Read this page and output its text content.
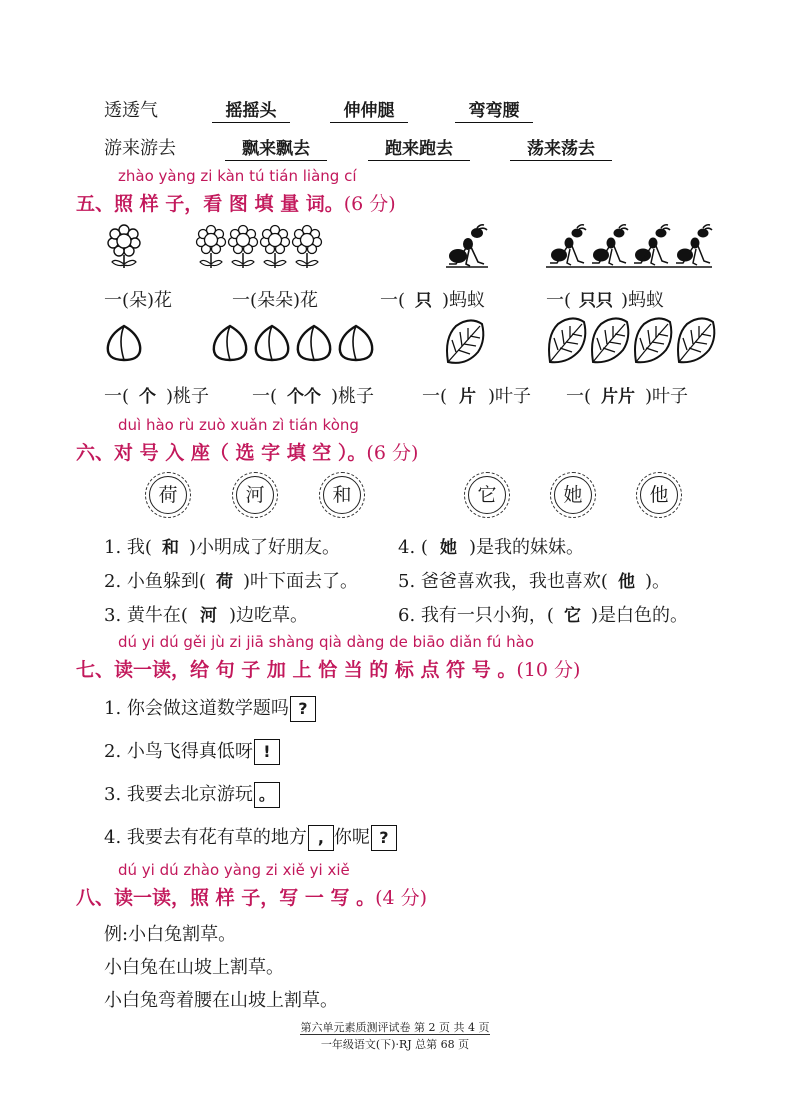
透透气	摇摇头	伸伸腿	弯弯腰
游来游去	飘来飘去	跑来跑去	荡来荡去
zhào yàng zi kàn tú tián liàng cí
五、照 样 子，看 图 填 量 词。(6 分)
一(朵)花	一(朵朵)花	一( 只 )蚂蚁	一( 只只 )蚂蚁
一( 个 )桃子 一( 个个 )桃子	一( 片 )叶子 一( 片片 )叶子
duì hào rù zuò xuǎn zì tián kòng
六、对 号 入 座（ 选 字 填 空 ）。(6 分)
荷	河	和	它	她	他
1. 我( 和 )小明成了好朋友。	4. ( 她 )是我的妹妹。
2. 小鱼躲到( 荷 )叶下面去了。 5. 爸爸喜欢我，我也喜欢( 他 )。
3. 黄牛在( 河 )边吃草。	6. 我有一只小狗，( 它 )是白色的。
dú yi dú gěi jù zi jiā shàng qià dàng de biāo diǎn fú hào
七、读一读，给 句 子 加 上 恰 当 的 标 点 符 号 。(10 分)
1. 你会做这道数学题吗 ?
2. 小鸟飞得真低呀 !
3. 我要去北京游玩 。
4. 我要去有花有草的地方 , 你呢 ?
dú yi dú zhào yàng zi xiě yi xiě
八、读一读，照 样 子，写 一 写 。(4 分)
例:小白兔割草。
小白兔在山坡上割草。
小白兔弯着腰在山坡上割草。
第六单元素质测评试卷 第 2 页 共 4 页
一年级语文(下)·RJ 总第 68 页
